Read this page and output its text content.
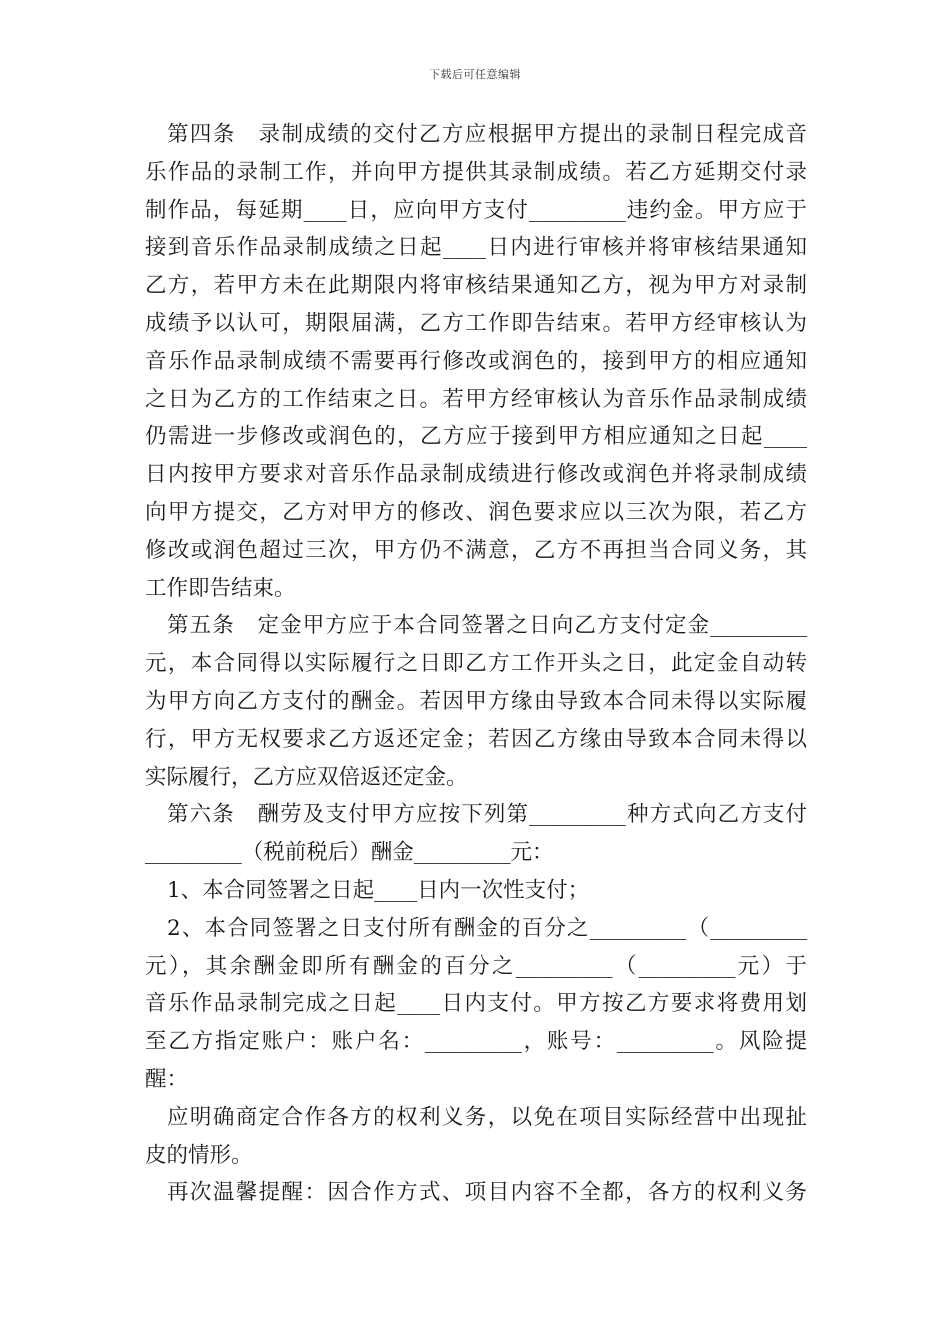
下载后可任意编辑
第四条　录制成绩的交付乙方应根据甲方提出的录制日程完成音
乐作品的录制工作，并向甲方提供其录制成绩。若乙方延期交付录
制作品，每延期____日，应向甲方支付_________违约金。甲方应于
接到音乐作品录制成绩之日起____日内进行审核并将审核结果通知
乙方，若甲方未在此期限内将审核结果通知乙方，视为甲方对录制
成绩予以认可，期限届满，乙方工作即告结束。若甲方经审核认为
音乐作品录制成绩不需要再行修改或润色的，接到甲方的相应通知
之日为乙方的工作结束之日。若甲方经审核认为音乐作品录制成绩
仍需进一步修改或润色的，乙方应于接到甲方相应通知之日起____
日内按甲方要求对音乐作品录制成绩进行修改或润色并将录制成绩
向甲方提交，乙方对甲方的修改、润色要求应以三次为限，若乙方
修改或润色超过三次，甲方仍不满意，乙方不再担当合同义务，其
工作即告结束。
第五条　定金甲方应于本合同签署之日向乙方支付定金_________
元，本合同得以实际履行之日即乙方工作开头之日，此定金自动转
为甲方向乙方支付的酬金。若因甲方缘由导致本合同未得以实际履
行，甲方无权要求乙方返还定金；若因乙方缘由导致本合同未得以
实际履行，乙方应双倍返还定金。
第六条　酬劳及支付甲方应按下列第_________种方式向乙方支付
_________（税前税后）酬金_________元：
1、本合同签署之日起____日内一次性支付；
2、本合同签署之日支付所有酬金的百分之_________（_________
元），其余酬金即所有酬金的百分之_________（_________元）于
音乐作品录制完成之日起____日内支付。甲方按乙方要求将费用划
至乙方指定账户：账户名：_________，账号：_________。风险提
醒：
应明确商定合作各方的权利义务，以免在项目实际经营中出现扯
皮的情形。
再次温馨提醒：因合作方式、项目内容不全都，各方的权利义务
